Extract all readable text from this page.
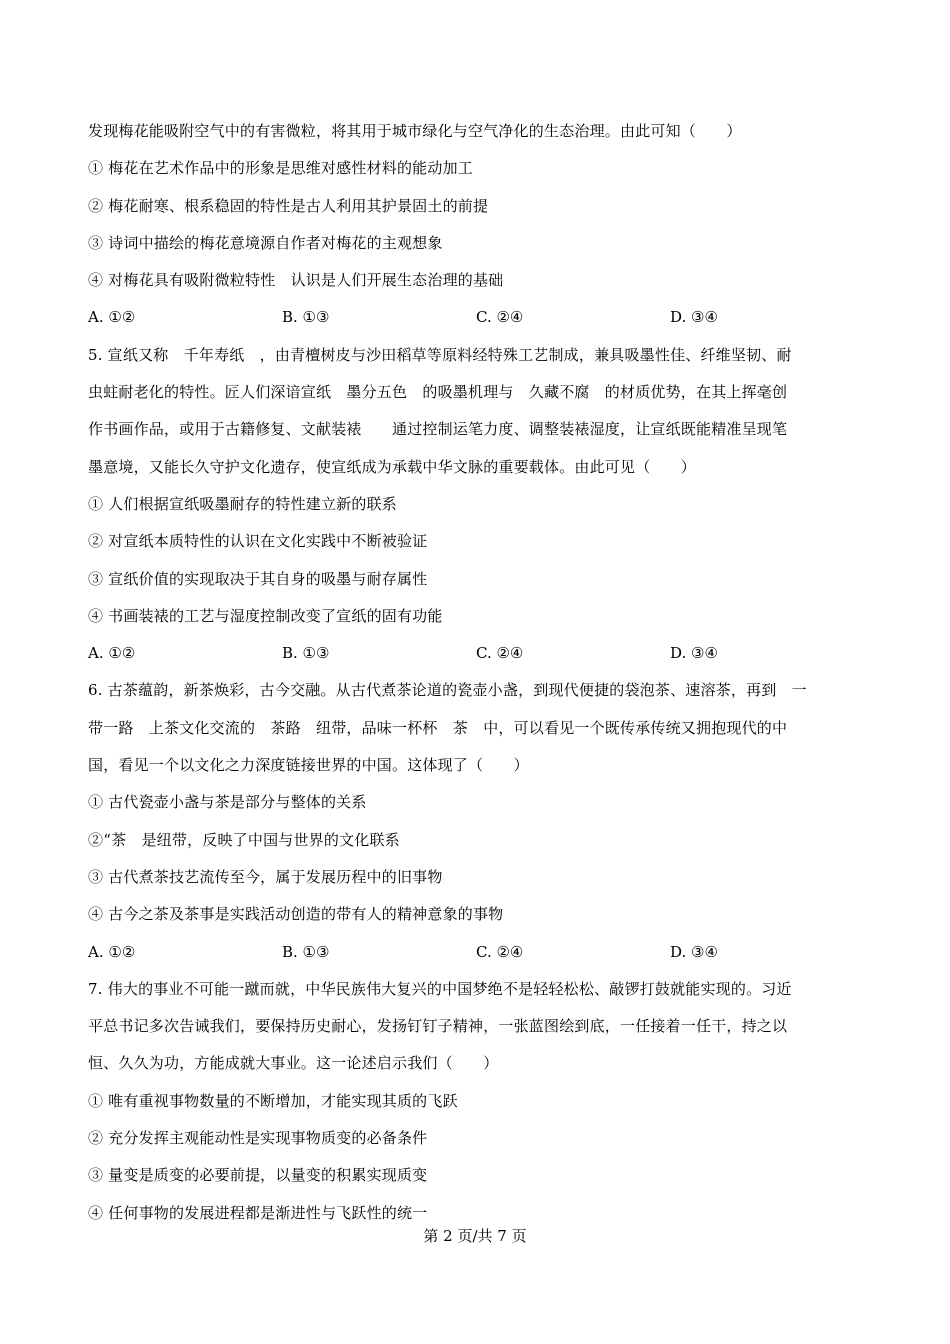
发现梅花能吸附空气中的有害微粒，将其用于城市绿化与空气净化的生态治理。由此可知（　　）
① 梅花在艺术作品中的形象是思维对感性材料的能动加工
② 梅花耐寒、根系稳固的特性是古人利用其护景固土的前提
③ 诗词中描绘的梅花意境源自作者对梅花的主观想象
④ 对梅花具有吸附微粒特性　认识是人们开展生态治理的基础
A. ①②	B. ①③	C. ②④	D. ③④
5. 宣纸又称　千年寿纸　，由青檀树皮与沙田稻草等原料经特殊工艺制成，兼具吸墨性佳、纤维坚韧、耐
虫蛀耐老化的特性。匠人们深谙宣纸　墨分五色　的吸墨机理与　久藏不腐　的材质优势，在其上挥毫创
作书画作品，或用于古籍修复、文献装裱　　通过控制运笔力度、调整装裱湿度，让宣纸既能精准呈现笔
墨意境，又能长久守护文化遗存，使宣纸成为承载中华文脉的重要载体。由此可见（　　）
① 人们根据宣纸吸墨耐存的特性建立新的联系
② 对宣纸本质特性的认识在文化实践中不断被验证
③ 宣纸价值的实现取决于其自身的吸墨与耐存属性
④ 书画装裱的工艺与湿度控制改变了宣纸的固有功能
A. ①②	B. ①③	C. ②④	D. ③④
6. 古茶蕴韵，新茶焕彩，古今交融。从古代煮茶论道的瓷壶小盏，到现代便捷的袋泡茶、速溶茶，再到　一
带一路　上茶文化交流的　茶路　纽带，品味一杯杯　茶　中，可以看见一个既传承传统又拥抱现代的中
国，看见一个以文化之力深度链接世界的中国。这体现了（　　）
① 古代瓷壶小盏与茶是部分与整体的关系
②“茶　是纽带，反映了中国与世界的文化联系
③ 古代煮茶技艺流传至今，属于发展历程中的旧事物
④ 古今之茶及茶事是实践活动创造的带有人的精神意象的事物
A. ①②	B. ①③	C. ②④	D. ③④
7. 伟大的事业不可能一蹴而就，中华民族伟大复兴的中国梦绝不是轻轻松松、敲锣打鼓就能实现的。习近
平总书记多次告诫我们，要保持历史耐心，发扬钉钉子精神，一张蓝图绘到底，一任接着一任干，持之以
恒、久久为功，方能成就大事业。这一论述启示我们（　　）
① 唯有重视事物数量的不断增加，才能实现其质的飞跃
② 充分发挥主观能动性是实现事物质变的必备条件
③ 量变是质变的必要前提，以量变的积累实现质变
④ 任何事物的发展进程都是渐进性与飞跃性的统一
第 2 页/共 7 页
